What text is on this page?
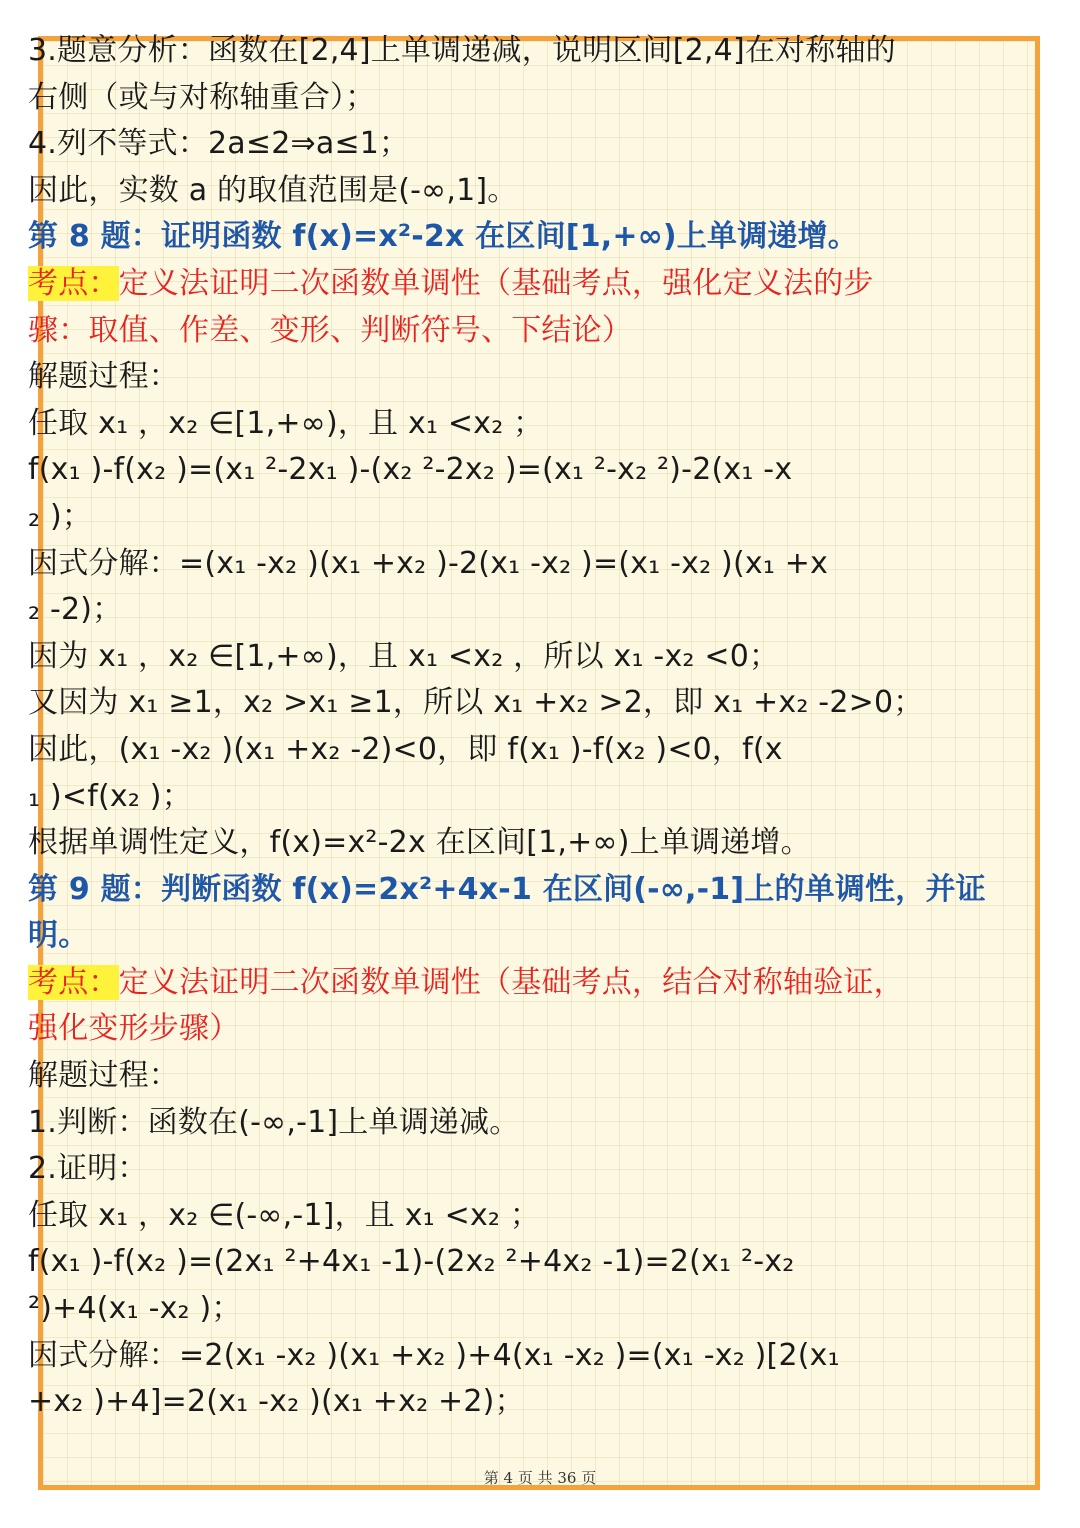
3.题意分析：函数在[2,4]上单调递减，说明区间[2,4]在对称轴的
右侧（或与对称轴重合）；
4.列不等式：2a≤2⇒a≤1；
因此，实数 a 的取值范围是(-∞,1]。
第 8 题：证明函数 f(x)=x²-2x 在区间[1,+∞)上单调递增。
考点：定义法证明二次函数单调性（基础考点，强化定义法的步
骤：取值、作差、变形、判断符号、下结论）
解题过程：
任取 x₁ ，x₂ ∈[1,+∞)，且 x₁ <x₂ ；
f(x₁ )-f(x₂ )=(x₁ ²-2x₁ )-(x₂ ²-2x₂ )=(x₁ ²-x₂ ²)-2(x₁ -x
₂ )；
因式分解：=(x₁ -x₂ )(x₁ +x₂ )-2(x₁ -x₂ )=(x₁ -x₂ )(x₁ +x
₂ -2)；
因为 x₁ ，x₂ ∈[1,+∞)，且 x₁ <x₂ ，所以 x₁ -x₂ <0；
又因为 x₁ ≥1，x₂ >x₁ ≥1，所以 x₁ +x₂ >2，即 x₁ +x₂ -2>0；
因此，(x₁ -x₂ )(x₁ +x₂ -2)<0，即 f(x₁ )-f(x₂ )<0，f(x
₁ )<f(x₂ )；
根据单调性定义，f(x)=x²-2x 在区间[1,+∞)上单调递增。
第 9 题：判断函数 f(x)=2x²+4x-1 在区间(-∞,-1]上的单调性，并证
明。
考点：定义法证明二次函数单调性（基础考点，结合对称轴验证，
强化变形步骤）
解题过程：
1.判断：函数在(-∞,-1]上单调递减。
2.证明：
任取 x₁ ，x₂ ∈(-∞,-1]，且 x₁ <x₂ ；
f(x₁ )-f(x₂ )=(2x₁ ²+4x₁ -1)-(2x₂ ²+4x₂ -1)=2(x₁ ²-x₂
²)+4(x₁ -x₂ )；
因式分解：=2(x₁ -x₂ )(x₁ +x₂ )+4(x₁ -x₂ )=(x₁ -x₂ )[2(x₁
+x₂ )+4]=2(x₁ -x₂ )(x₁ +x₂ +2)；
第 4 页 共 36 页
